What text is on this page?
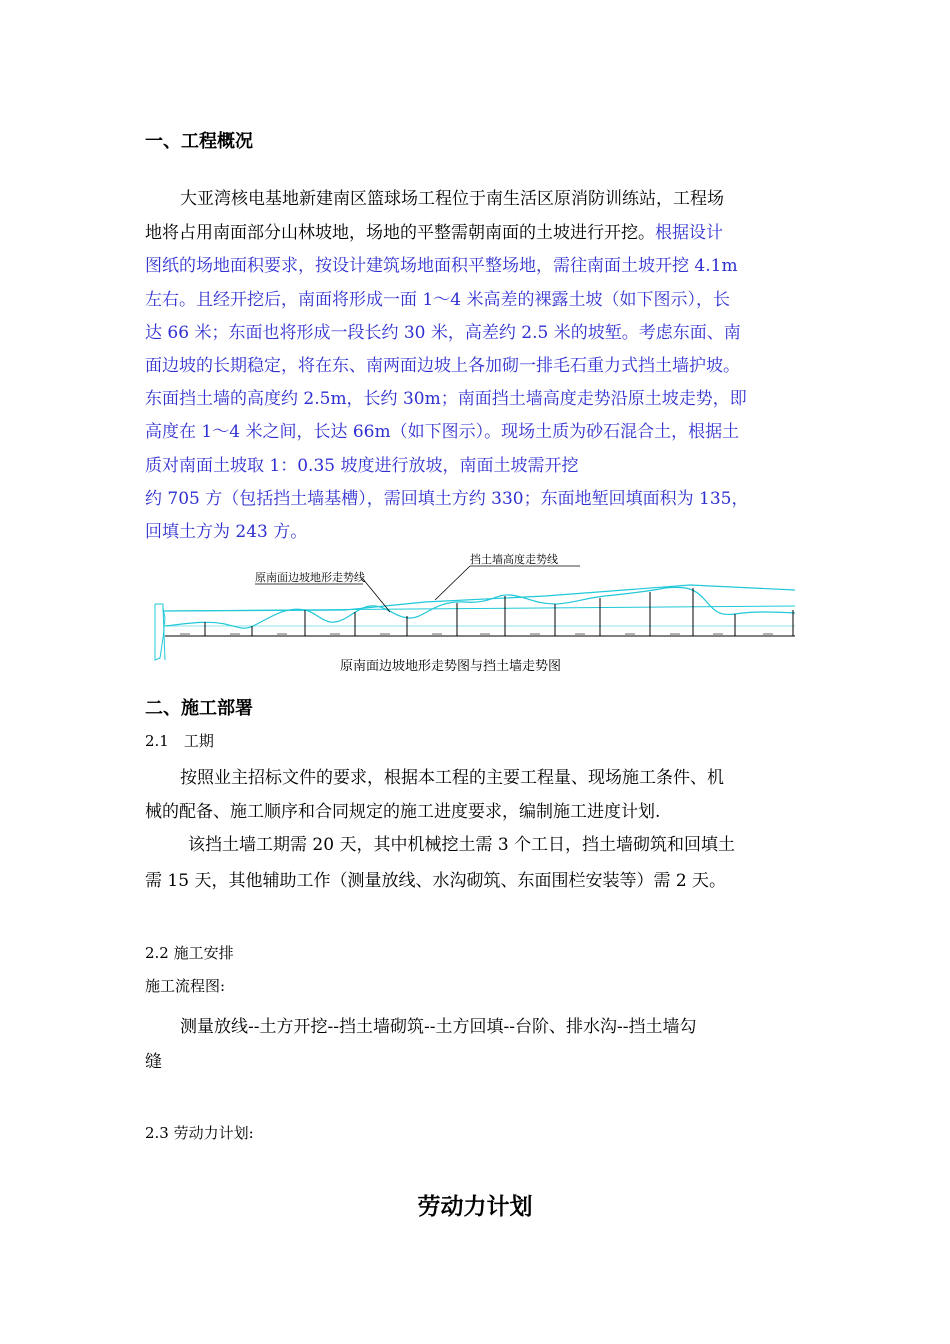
一、工程概况
大亚湾核电基地新建南区篮球场工程位于南生活区原消防训练站，工程场
地将占用南面部分山林坡地，场地的平整需朝南面的土坡进行开挖。根据设计
图纸的场地面积要求，按设计建筑场地面积平整场地，需往南面土坡开挖 4.1m
左右。且经开挖后，南面将形成一面 1～4 米高差的裸露土坡（如下图示），长
达 66 米；东面也将形成一段长约 30 米，高差约 2.5 米的坡堑。考虑东面、南
面边坡的长期稳定，将在东、南两面边坡上各加砌一排毛石重力式挡土墙护坡。
东面挡土墙的高度约 2.5m，长约 30m；南面挡土墙高度走势沿原土坡走势，即
高度在 1～4 米之间，长达 66m（如下图示）。现场土质为砂石混合土，根据土
质对南面土坡取 1：0.35 坡度进行放坡，南面土坡需开挖
约 705 方（包括挡土墙基槽），需回填土方约 330；东面地堑回填面积为 135，
回填土方为 243 方。
原南面边坡地形走势线
挡土墙高度走势线
原南面边坡地形走势图与挡土墙走势图
二、施工部署
2.1　工期
按照业主招标文件的要求，根据本工程的主要工程量、现场施工条件、机
械的配备、施工顺序和合同规定的施工进度要求，编制施工进度计划.
该挡土墙工期需 20 天，其中机械挖土需 3 个工日，挡土墙砌筑和回填土
需 15 天，其他辅助工作（测量放线、水沟砌筑、东面围栏安装等）需 2 天。
2.2 施工安排
施工流程图:
测量放线--土方开挖--挡土墙砌筑--土方回填--台阶、排水沟--挡土墙勾
缝
2.3 劳动力计划:
劳动力计划
